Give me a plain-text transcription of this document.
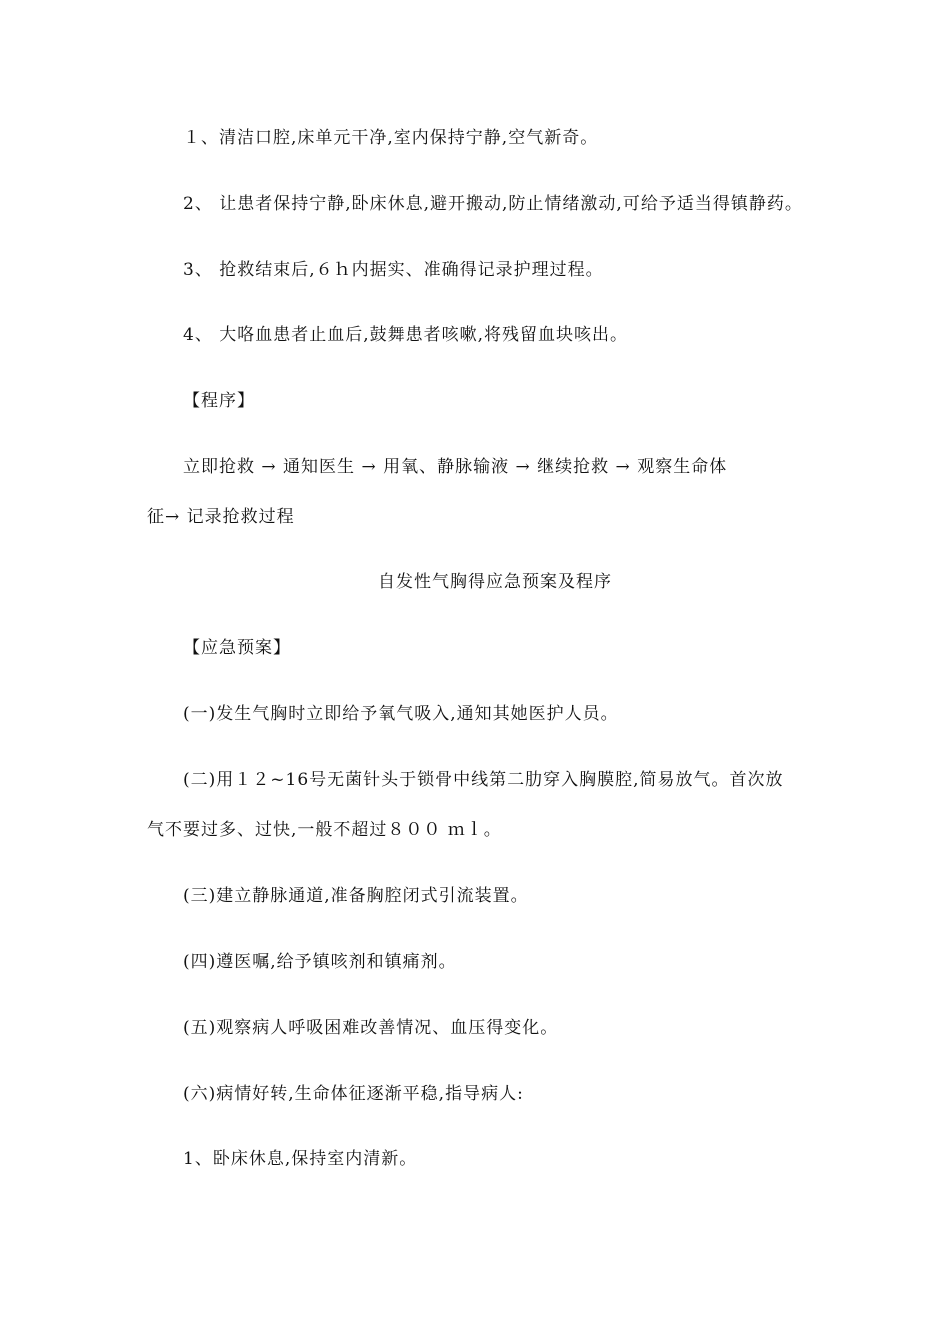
１、清洁口腔,床单元干净,室内保持宁静,空气新奇。
2、 让患者保持宁静,卧床休息,避开搬动,防止情绪激动,可给予适当得镇静药。
3、 抢救结束后,６ｈ内据实、准确得记录护理过程。
4、 大咯血患者止血后,鼓舞患者咳嗽,将残留血块咳出。
【程序】
立即抢救 → 通知医生 → 用氧、静脉输液 → 继续抢救 → 观察生命体
征→ 记录抢救过程
自发性气胸得应急预案及程序
【应急预案】
(一)发生气胸时立即给予氧气吸入,通知其她医护人员。
(二)用１２~16号无菌针头于锁骨中线第二肋穿入胸膜腔,简易放气。首次放
气不要过多、过快,一般不超过８００ ｍｌ。
(三)建立静脉通道,准备胸腔闭式引流装置。
(四)遵医嘱,给予镇咳剂和镇痛剂。
(五)观察病人呼吸困难改善情况、血压得变化。
(六)病情好转,生命体征逐渐平稳,指导病人:
1、卧床休息,保持室内清新。
